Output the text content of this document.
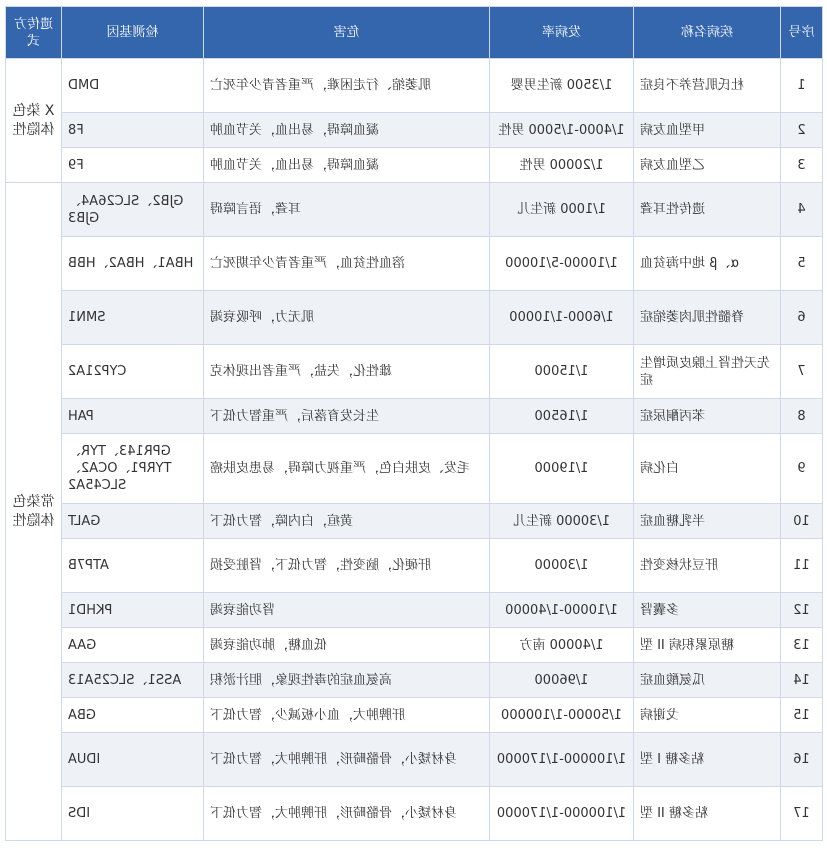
遗传方式	检测基因	危害	发病率	疾病名称	序号

X 染色体隐性	DMD	肌萎缩、行走困难，严重者青少年死亡	1/3500 新生男婴	杜氏肌营养不良症	1

	F8	凝血障碍，易出血，关节血肿	1/4000-1/5000 男性	甲型血友病	2

	F9	凝血障碍，易出血，关节血肿	1/20000 男性	乙型血友病	3

常染色体隐性	GJB2、SLC26A4、GJB3	耳聋，语言障碍	1/1000 新生儿	遗传性耳聋	4

	HBA1、HBA2、HBB	溶血性贫血，严重者青少年期死亡	1/10000-5/10000	α、β 地中海贫血	5

	SMN1	肌无力，呼吸衰竭	1/6000-1/10000	脊髓性肌肉萎缩症	6

	CYP21A2	雄性化，失盐，严重者出现休克	1/15000	先天性肾上腺皮质增生症	7

	PAH	生长发育落后，严重智力低下	1/16500	苯丙酮尿症	8

	GPR143、TYR、TYRP1、OCA2、SLC45A2	毛发、皮肤白色，严重视力障碍，易患皮肤癌	1/19000	白化病	9

	GALT	黄疸，白内障，智力低下	1/30000 新生儿	半乳糖血症	10

	ATP7B	肝硬化，脑变性，智力低下，肾脏受损	1/30000	肝豆状核变性	11

	PKHD1	肾功能衰竭	1/10000-1/40000	多囊肾	12

	GAA	低血糖，肺功能衰竭	1/40000 南方	糖原累积病 II 型	13

	ASS1、SLC25A13	高氨血症的毒性现象，胆汁淤积	1/96000	瓜氨酸血症	14

	GBA	肝脾肿大，血小板减少，智力低下	1/50000-1/100000	戈谢病	15

	IDUA	身材矮小，骨骼畸形，肝脾肿大，智力低下	1/100000-1/170000	粘多糖 I 型	16

	IDS	身材矮小，骨骼畸形，肝脾肿大，智力低下	1/100000-1/170000	粘多糖 II 型	17
